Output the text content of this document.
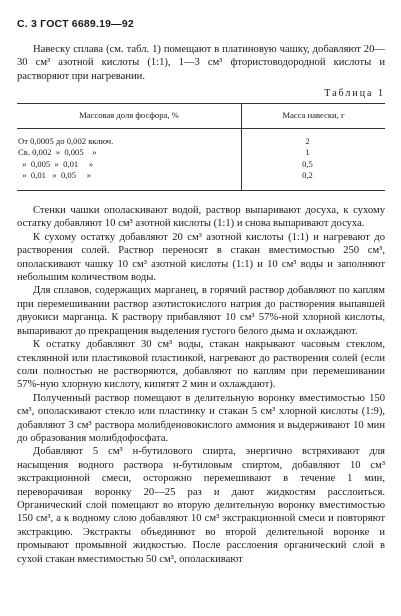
С. 3 ГОСТ 6689.19—92

Навеску сплава (см. табл. 1) помещают в платиновую чашку, добавляют 20—30 см³ азотной кислоты (1:1), 1—3 см³ фтористоводородной кислоты и растворяют при нагревании.

Таблица 1
Массовая доля фосфора, %	Масса навески, г
От 0,0005 до 0,002 включ.	2
Св. 0,002  »  0,005    »	1
»  0,005  »  0,01     »	0,5
»  0,01   »  0,05     »	0,2

Стенки чашки ополаскивают водой, раствор выпаривают досуха, к сухому остатку добавляют 10 см³ азотной кислоты (1:1) и снова выпаривают досуха.

К сухому остатку добавляют 20 см³ азотной кислоты (1:1) и нагревают до растворения солей. Раствор переносят в стакан вместимостью 250 см³, ополаскивают чашку 10 см³ азотной кислоты (1:1) и 10 см³ воды и заполняют небольшим количеством воды.

Для сплавов, содержащих марганец, в горячий раствор добавляют по каплям при перемешивании раствор азотистокислого натрия до растворения выпавшей двуокиси марганца. К раствору прибавляют 10 см³ 57%-ной хлорной кислоты, выпаривают до прекращения выделения густого белого дыма и охлаждают.

К остатку добавляют 30 см³ воды, стакан накрывают часовым стеклом, стеклянной или пластиковой пластинкой, нагревают до растворения солей (если соли полностью не растворяются, добавляют по каплям при перемешивании 57%-ную хлорную кислоту, кипятят 2 мин и охлаждают).

Полученный раствор помещают в делительную воронку вместимостью 150 см³, ополаскивают стекло или пластинку и стакан 5 см³ хлорной кислоты (1:9), добавляют 3 см³ раствора молибденовокислого аммония и выдерживают 10 мин до образования молибдофосфата.

Добавляют 5 см³ н-бутилового спирта, энергично встряхивают для насыщения водного раствора н-бутиловым спиртом, добавляют 10 см³ экстракционной смеси, осторожно перемешивают в течение 1 мин, переворачивая воронку 20—25 раз и дают жидкостям расслоиться. Органический слой помещают во вторую делительную воронку вместимостью 150 см³, а к водному слою добавляют 10 см³ экстракционной смеси и повторяют экстракцию. Экстракты объединяют во второй делительной воронке и промывают промывной жидкостью. После расслоения органический слой в сухой стакан вместимостью 50 см³, ополаскивают
